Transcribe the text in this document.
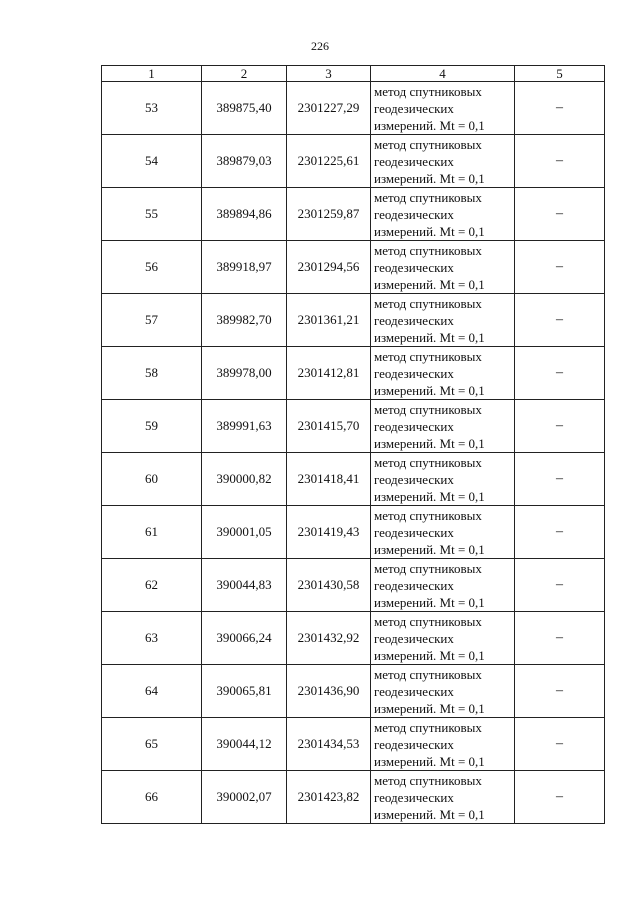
226
1	2	3	4	5
53	389875,40	2301227,29	метод спутниковых
геодезических
измерений. Mt = 0,1	–
54	389879,03	2301225,61	метод спутниковых
геодезических
измерений. Mt = 0,1	–
55	389894,86	2301259,87	метод спутниковых
геодезических
измерений. Mt = 0,1	–
56	389918,97	2301294,56	метод спутниковых
геодезических
измерений. Mt = 0,1	–
57	389982,70	2301361,21	метод спутниковых
геодезических
измерений. Mt = 0,1	–
58	389978,00	2301412,81	метод спутниковых
геодезических
измерений. Mt = 0,1	–
59	389991,63	2301415,70	метод спутниковых
геодезических
измерений. Mt = 0,1	–
60	390000,82	2301418,41	метод спутниковых
геодезических
измерений. Mt = 0,1	–
61	390001,05	2301419,43	метод спутниковых
геодезических
измерений. Mt = 0,1	–
62	390044,83	2301430,58	метод спутниковых
геодезических
измерений. Mt = 0,1	–
63	390066,24	2301432,92	метод спутниковых
геодезических
измерений. Mt = 0,1	–
64	390065,81	2301436,90	метод спутниковых
геодезических
измерений. Mt = 0,1	–
65	390044,12	2301434,53	метод спутниковых
геодезических
измерений. Mt = 0,1	–
66	390002,07	2301423,82	метод спутниковых
геодезических
измерений. Mt = 0,1	–
